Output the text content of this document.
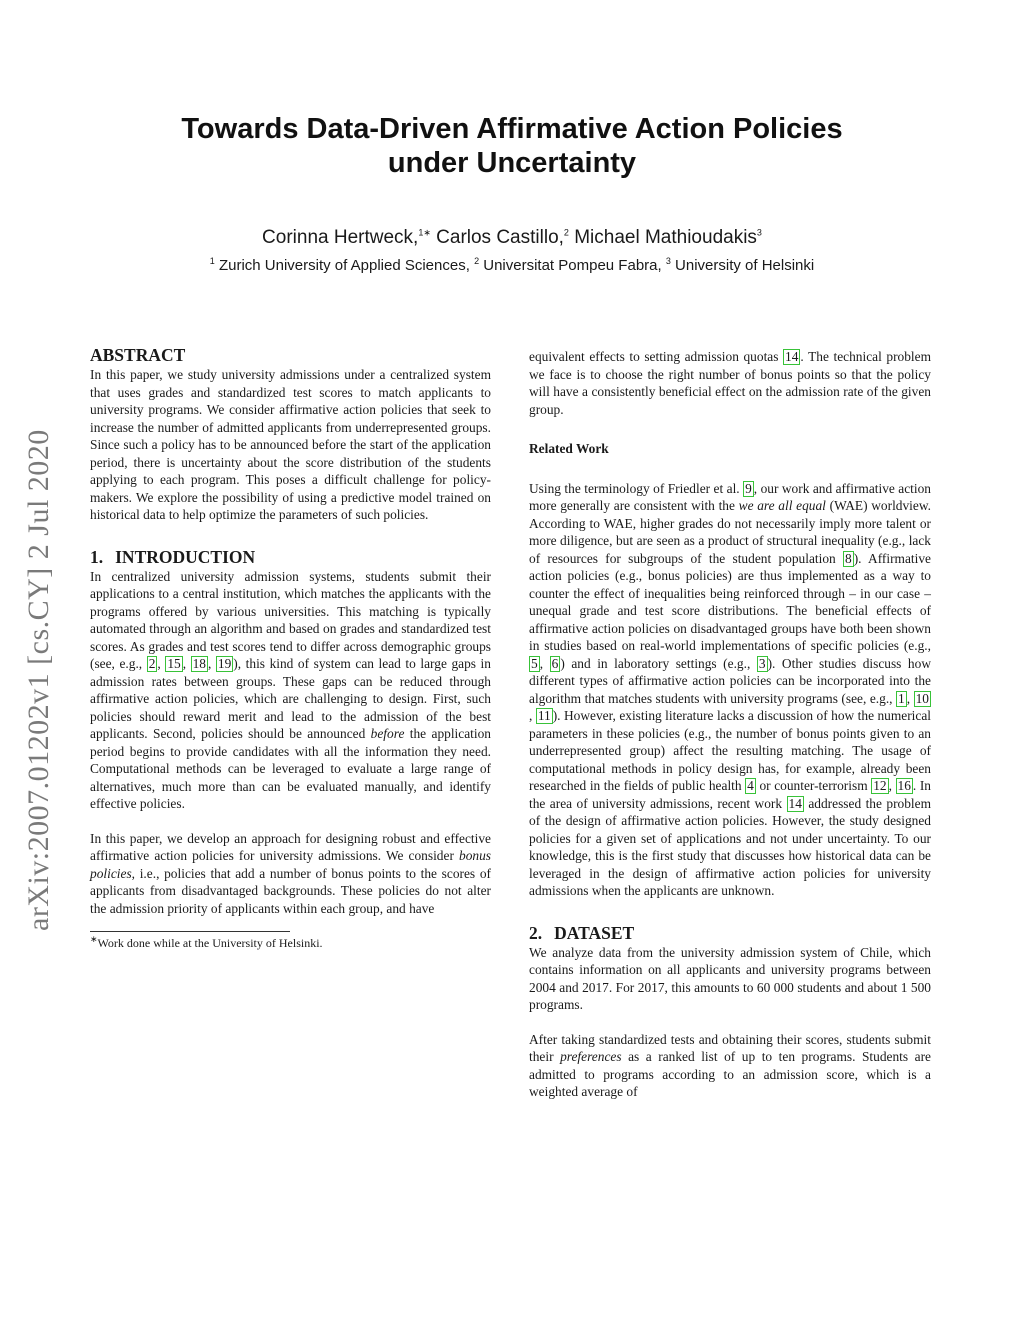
Towards Data-Driven Affirmative Action Policies
under Uncertainty
Corinna Hertweck,$^{1∗}$ Carlos Castillo,$^2$ Michael Mathioudakis$^3$
$^1$ Zurich University of Applied Sciences, $^2$ Universitat Pompeu Fabra, $^3$ University of Helsinki
arXiv:2007.01202v1 [cs.CY] 2 Jul 2020
ABSTRACT

In this paper, we study university admissions under a centralized system that uses grades and standardized test scores to match applicants to university programs. We consider affirmative action policies that seek to increase the number of admitted applicants from underrepresented groups. Since such a policy has to be announced before the start of the application period, there is uncertainty about the score distribution of the students applying to each program. This poses a difficult challenge for policy-makers. We explore the possibility of using a predictive model trained on historical data to help optimize the parameters of such policies.

1. INTRODUCTION

In centralized university admission systems, students submit their applications to a central institution, which matches the applicants with the programs offered by various universities. This matching is typically automated through an algorithm and based on grades and standardized test scores. As grades and test scores tend to differ across demographic groups (see, e.g., 2 , 15 , 18 , 19 ), this kind of system can lead to large gaps in admission rates between groups. These gaps can be reduced through affirmative action policies, which are challenging to design. First, such policies should reward merit and lead to the admission of the best applicants. Second, policies should be announced before the application period begins to provide candidates with all the information they need. Computational methods can be leveraged to evaluate a large range of alternatives, much more than can be evaluated manually, and identify effective policies.

In this paper, we develop an approach for designing robust and effective affirmative action policies for university admissions. We consider bonus policies, i.e., policies that add a number of bonus points to the scores of applicants from disadvantaged backgrounds. These policies do not alter the admission priority of applicants within each group, and have

∗Work done while at the University of Helsinki.

equivalent effects to setting admission quotas 14 . The technical problem we face is to choose the right number of bonus points so that the policy will have a consistently beneficial effect on the admission rate of the given group.

Related Work

Using the terminology of Friedler et al. 9 , our work and affirmative action more generally are consistent with the we are all equal (WAE) worldview. According to WAE, higher grades do not necessarily imply more talent or more diligence, but are seen as a product of structural inequality (e.g., lack of resources for subgroups of the student population 8 ). Affirmative action policies (e.g., bonus policies) are thus implemented as a way to counter the effect of inequalities being reinforced through – in our case – unequal grade and test score distributions. The beneficial effects of affirmative action policies on disadvantaged groups have both been shown in studies based on real-world implementations of specific policies (e.g., 5 , 6 ) and in laboratory settings (e.g., 3 ). Other studies discuss how different types of affirmative action policies can be incorporated into the algorithm that matches students with university programs (see, e.g., 1 , 10, 11 ). However, existing literature lacks a discussion of how the numerical parameters in these policies (e.g., the number of bonus points given to an underrepresented group) affect the resulting matching. The usage of computational methods in policy design has, for example, already been researched in the fields of public health 4 or counter-terrorism 12 , 16 . In the area of university admissions, recent work 14 addressed the problem of the design of affirmative action policies. However, the study designed policies for a given set of applications and not under uncertainty. To our knowledge, this is the first study that discusses how historical data can be leveraged in the design of affirmative action policies for university admissions when the applicants are unknown.

2. DATASET

We analyze data from the university admission system of Chile, which contains information on all applicants and university programs between 2004 and 2017. For 2017, this amounts to 60 000 students and about 1 500 programs.

After taking standardized tests and obtaining their scores, students submit their preferences as a ranked list of up to ten programs. Students are admitted to programs according to an admission score, which is a weighted average of
